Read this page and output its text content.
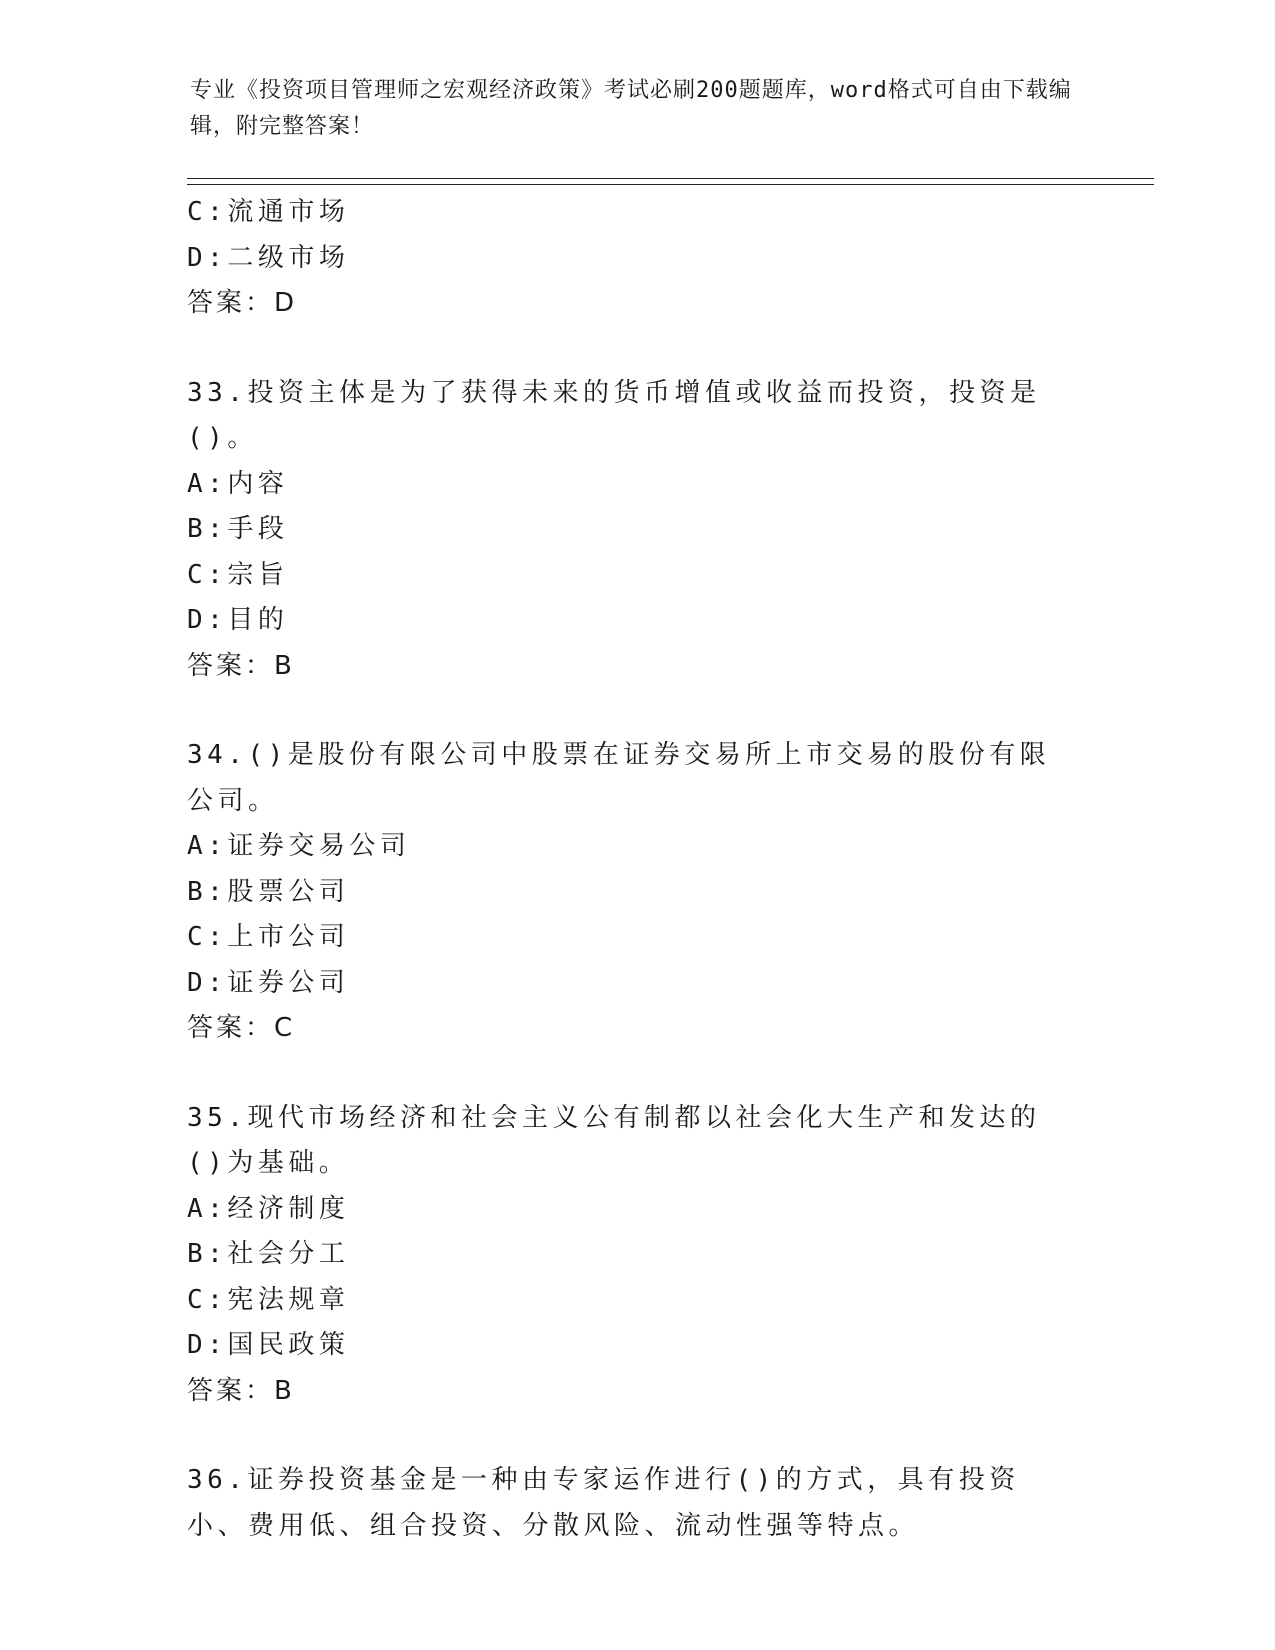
专业《投资项目管理师之宏观经济政策》考试必刷200题题库，word格式可自由下载编辑，附完整答案！
C:流通市场
D:二级市场
答案：D
33.投资主体是为了获得未来的货币增值或收益而投资，投资是()。
A:内容
B:手段
C:宗旨
D:目的
答案：B
34.()是股份有限公司中股票在证券交易所上市交易的股份有限公司。
A:证券交易公司
B:股票公司
C:上市公司
D:证券公司
答案：C
35.现代市场经济和社会主义公有制都以社会化大生产和发达的()为基础。
A:经济制度
B:社会分工
C:宪法规章
D:国民政策
答案：B
36.证券投资基金是一种由专家运作进行()的方式，具有投资小、费用低、组合投资、分散风险、流动性强等特点。
